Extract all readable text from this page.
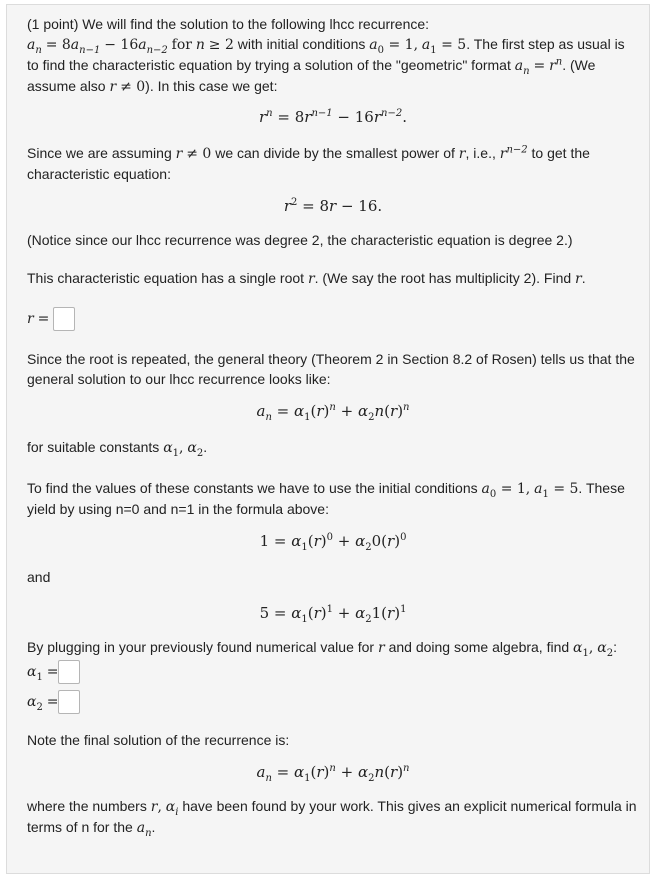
(1 point) We will find the solution to the following lhcc recurrence:
$a_n = 8a_{n-1} - 16a_{n-2}$ for n ≥ 2 with initial conditions $a_0 = 1$, $a_1 = 5$. The first step as usual is to find the characteristic equation by trying a solution of the "geometric" format $a_n = r^n$. (We assume also r ≠ 0). In this case we get:

$r^n = 8r^{n-1} - 16r^{n-2}$.

Since we are assuming r ≠ 0 we can divide by the smallest power of r, i.e., $r^{n-2}$ to get the characteristic equation:

$r^2 = 8r - 16$.

(Notice since our lhcc recurrence was degree 2, the characteristic equation is degree 2.)

This characteristic equation has a single root r. (We say the root has multiplicity 2). Find r.

r
=

Since the root is repeated, the general theory (Theorem 2 in Section 8.2 of Rosen) tells us that the general solution to our lhcc recurrence looks like:

$a_n = \alpha_1(r)^n + \alpha_2n(r)^n$

for suitable constants $\alpha_1$, $\alpha_2$.

To find the values of these constants we have to use the initial conditions $a_0 = 1$, $a_1 = 5$. These yield by using n=0 and n=1 in the formula above:

$1 = \alpha_1(r)^0 + \alpha_20(r)^0$

and

$5 = \alpha_1(r)^1 + \alpha_21(r)^1$

By plugging in your previously found numerical value for r and doing some algebra, find $\alpha_1$, $\alpha_2$:

α $_1$
=
α $_2$
=

Note the final solution of the recurrence is:

$a_n = \alpha_1(r)^n + \alpha_2n(r)^n$

where the numbers r, $\alpha_i$ have been found by your work. This gives an explicit numerical formula in terms of n for the $a_n$.
